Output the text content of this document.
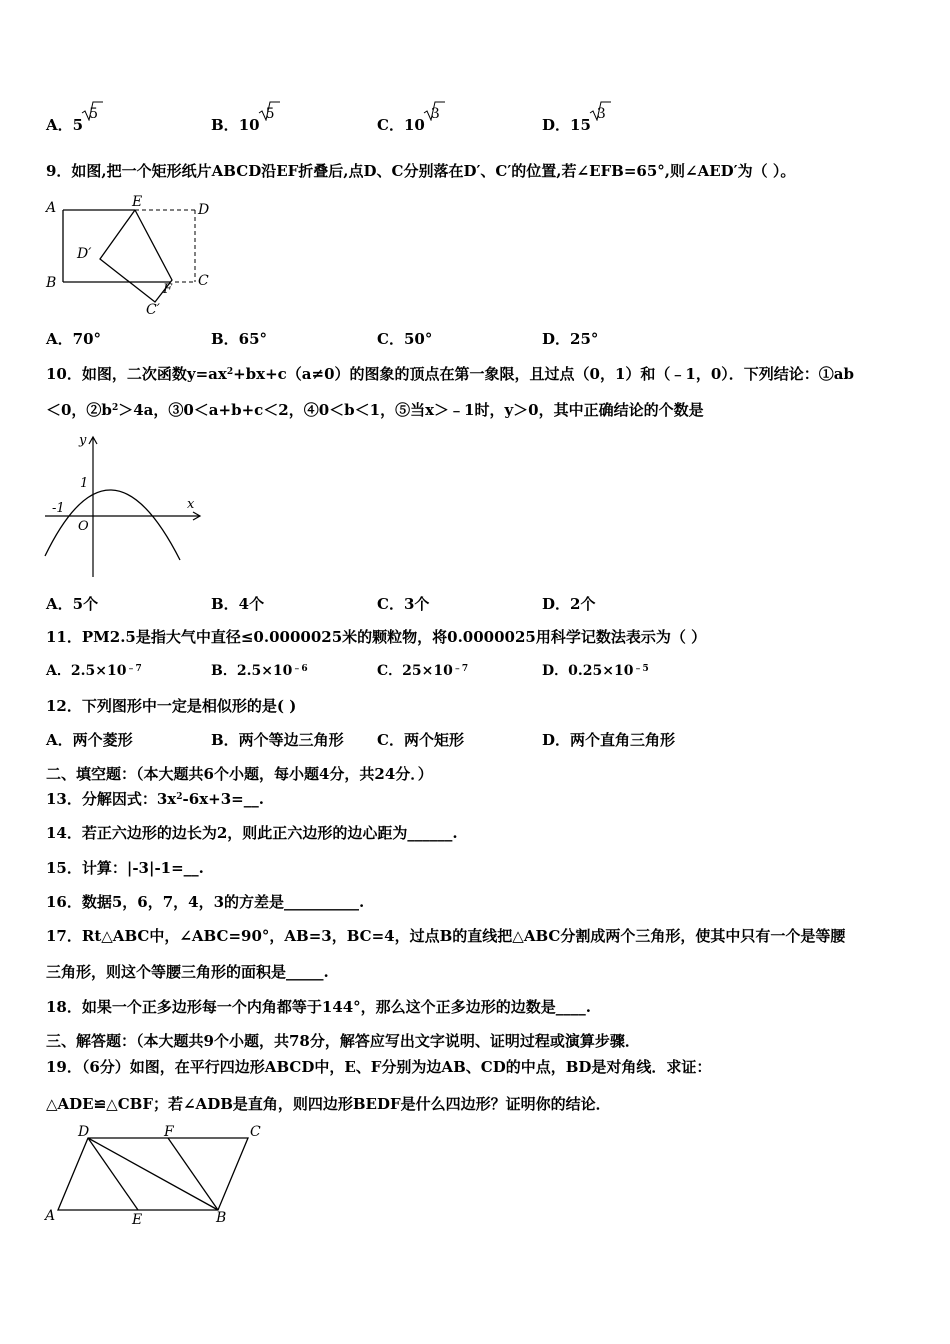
A．5
5
B．10
5
C．10
3
D．15
3
9．如图,把一个矩形纸片ABCD沿EF折叠后,点D、C分别落在D′、C′的位置,若∠EFB=65°,则∠AED′为（ ）。
A	E	D
D′
B	C
F
C′
A．70°	B．65°	C．50°	D．25°
10．如图，二次函数$y=ax^2+bx+c(a\ne 0)$的图象的顶点在第一象限，且过点（0，1）和（﹣1，0）．下列结论：①ab
＜0，$②b^2>4a$，③0＜a+b+c＜2，④0＜b＜1，⑤当x＞﹣1时，y＞0，其中正确结论的个数是
y
x
1
-1
O
A．5个	B．4个	C．3个	D．2个
11．PM2.5是指大气中直径≤0.0000025米的颗粒物，将0.0000025用科学记数法表示为（ ）
A．$2.5\times 10^{﹣7}$	B．$2.5\times 10^{﹣6}$	C．$25\times 10^{﹣7}$	D．$0.25\times 10^{﹣5}$
12．下列图形中一定是相似形的是( )
A．两个菱形	B．两个等边三角形 C．两个矩形	D．两个直角三角形
二、填空题：（本大题共6个小题，每小题4分，共24分．）
13．分解因式：$3x^2-6x+3=\_\_$.
14．若正六边形的边长为2，则此正六边形的边心距为______.
15．计算：|-3|-1=__.
16．数据5，6，7，4，3的方差是__________.
17．Rt△ABC中，∠ABC=90°，AB=3，BC=4，过点B的直线把△ABC分割成两个三角形，使其中只有一个是等腰
三角形，则这个等腰三角形的面积是_____.
18．如果一个正多边形每一个内角都等于144°，那么这个正多边形的边数是____.
三、解答题：（本大题共9个小题，共78分，解答应写出文字说明、证明过程或演算步骤．
19．（6分）如图，在平行四边形ABCD中，E、F分别为边AB、CD的中点，BD是对角线．求证：
△ADE≌△CBF；若∠ADB是直角，则四边形BEDF是什么四边形？证明你的结论．
D	F	C
A	E	B
